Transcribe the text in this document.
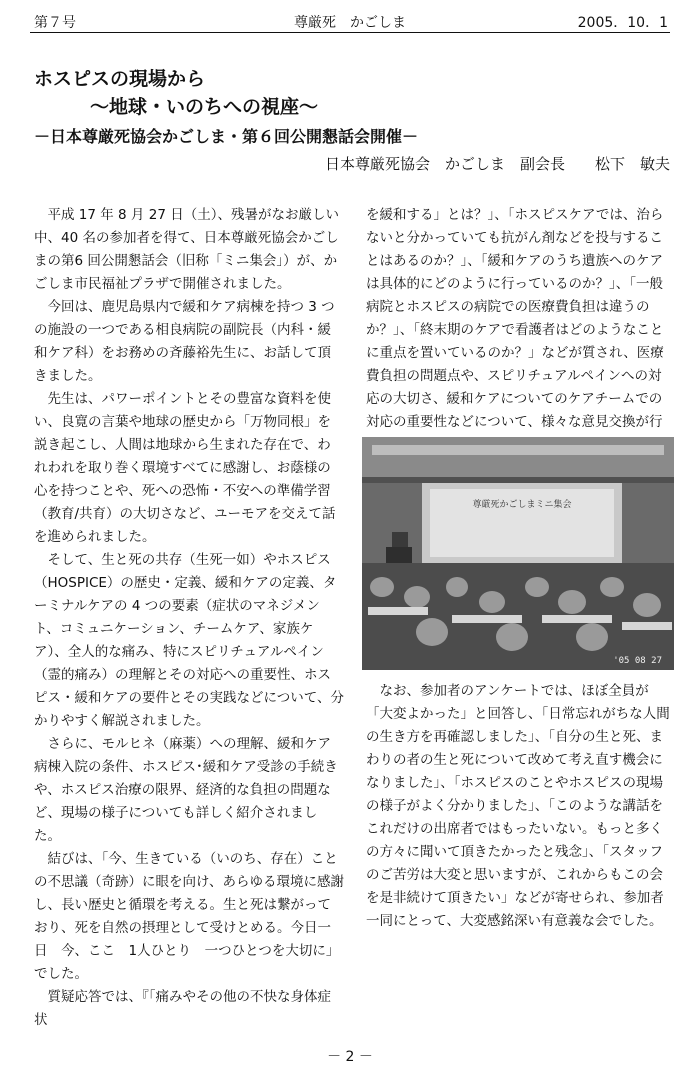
第７号	尊厳死　かごしま	2005．10．1
ホスピスの現場から
～地球・いのちへの視座～
－日本尊厳死協会かごしま・第６回公開懇話会開催－
日本尊厳死協会　かごしま　副会長　　松下　敏夫

平成 17 年 8 月 27 日（土）、残暑がなお厳しい中、40 名の参加者を得て、日本尊厳死協会かごしまの第6 回公開懇話会（旧称「ミニ集会」）が、かごしま市民福祉プラザで開催されました。

今回は、鹿児島県内で緩和ケア病棟を持つ 3 つの施設の一つである相良病院の副院長（内科・緩和ケア科）をお務めの斉藤裕先生に、お話して頂きました。

先生は、パワーポイントとその豊富な資料を使い、良寛の言葉や地球の歴史から「万物同根」を説き起こし、人間は地球から生まれた存在で、われわれを取り巻く環境すべてに感謝し、お蔭様の心を持つことや、死への恐怖・不安への準備学習（教育/共育）の大切さなど、ユーモアを交えて話を進められました。

そして、生と死の共存（生死一如）やホスピス（HOSPICE）の歴史・定義、緩和ケアの定義、ターミナルケアの 4 つの要素（症状のマネジメント、コミュニケーション、チームケア、家族ケア）、全人的な痛み、特にスピリチュアルペイン（霊的痛み）の理解とその対応への重要性、ホスピス・緩和ケアの要件とその実践などについて、分かりやすく解説されました。

さらに、モルヒネ（麻薬）への理解、緩和ケア病棟入院の条件、ホスピス･緩和ケア受診の手続きや、ホスピス治療の限界、経済的な負担の問題など、現場の様子についても詳しく紹介されました。

結びは、「今、生きている（いのち、存在）ことの不思議（奇跡）に眼を向け、あらゆる環境に感謝し、長い歴史と循環を考える。生と死は繋がっており、死を自然の摂理として受けとめる。今日一日　今、ここ　1人ひとり　一つひとつを大切に」でした。

質疑応答では、『「痛みやその他の不快な身体症状

を緩和する」とは？」、「ホスピスケアでは、治らないと分かっていても抗がん剤などを投与することはあるのか？」、「緩和ケアのうち遺族へのケアは具体的にどのように行っているのか？」、「一般病院とホスピスの病院での医療費負担は違うのか？」、「終末期のケアで看護者はどのようなことに重点を置いているのか？」などが質され、医療費負担の問題点や、スピリチュアルペインへの対応の大切さ、緩和ケアについてのケアチームでの対応の重要性などについて、様々な意見交換が行

尊厳死かごしまミニ集会
'05 08 27

なお、参加者のアンケートでは、ほぼ全員が「大変よかった」と回答し、「日常忘れがちな人間の生き方を再確認しました」、「自分の生と死、まわりの者の生と死について改めて考え直す機会になりました」、「ホスピスのことやホスピスの現場の様子がよく分かりました」、「このような講話をこれだけの出席者ではもったいない。もっと多くの方々に聞いて頂きたかったと残念」、「スタッフのご苦労は大変と思いますが、これからもこの会を是非続けて頂きたい」などが寄せられ、参加者一同にとって、大変感銘深い有意義な会でした。

－ 2 －
